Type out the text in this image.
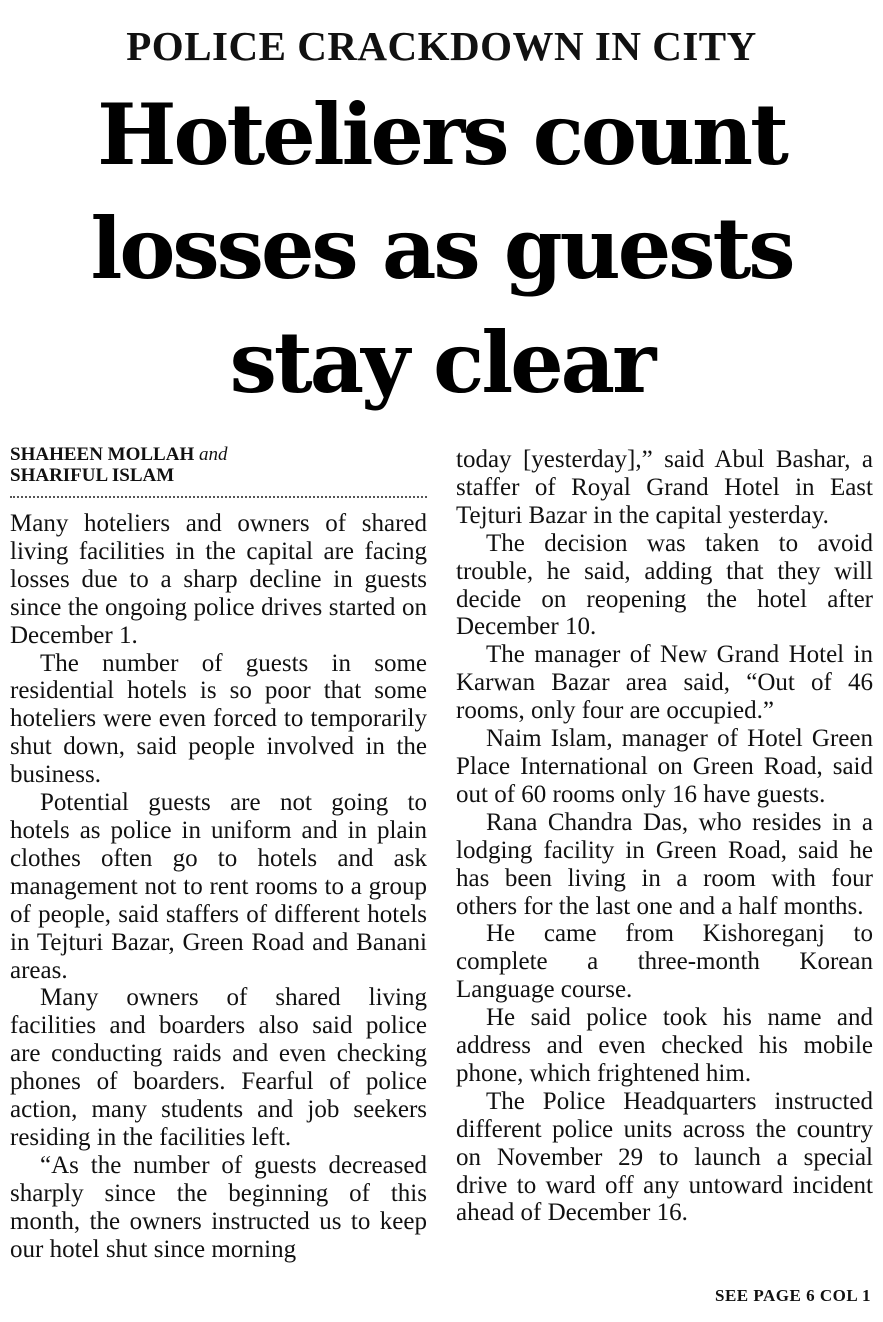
POLICE CRACKDOWN IN CITY
Hoteliers count
losses as guests
stay clear
SHAHEEN MOLLAH and
SHARIFUL ISLAM

Many hoteliers and owners of shared living facilities in the capital are facing losses due to a sharp decline in guests since the ongoing police drives started on December 1.

The number of guests in some residential hotels is so poor that some hoteliers were even forced to temporarily shut down, said people involved in the business.

Potential guests are not going to hotels as police in uniform and in plain clothes often go to hotels and ask management not to rent rooms to a group of people, said staffers of different hotels in Tejturi Bazar, Green Road and Banani areas.

Many owners of shared living facilities and boarders also said police are conducting raids and even checking phones of boarders. Fearful of police action, many students and job seekers residing in the facilities left.

“As the number of guests decreased sharply since the beginning of this month, the owners instructed us to keep our hotel shut since morning

today [yesterday],” said Abul Bashar, a staffer of Royal Grand Hotel in East Tejturi Bazar in the capital yesterday.

The decision was taken to avoid trouble, he said, adding that they will decide on reopening the hotel after December 10.

The manager of New Grand Hotel in Karwan Bazar area said, “Out of 46 rooms, only four are occupied.”

Naim Islam, manager of Hotel Green Place International on Green Road, said out of 60 rooms only 16 have guests.

Rana Chandra Das, who resides in a lodging facility in Green Road, said he has been living in a room with four others for the last one and a half months.

He came from Kishoreganj to complete a three-month Korean Language course.

He said police took his name and address and even checked his mobile phone, which frightened him.

The Police Headquarters instructed different police units across the country on November 29 to launch a special drive to ward off any untoward incident ahead of December 16.

SEE PAGE 6 COL 1
